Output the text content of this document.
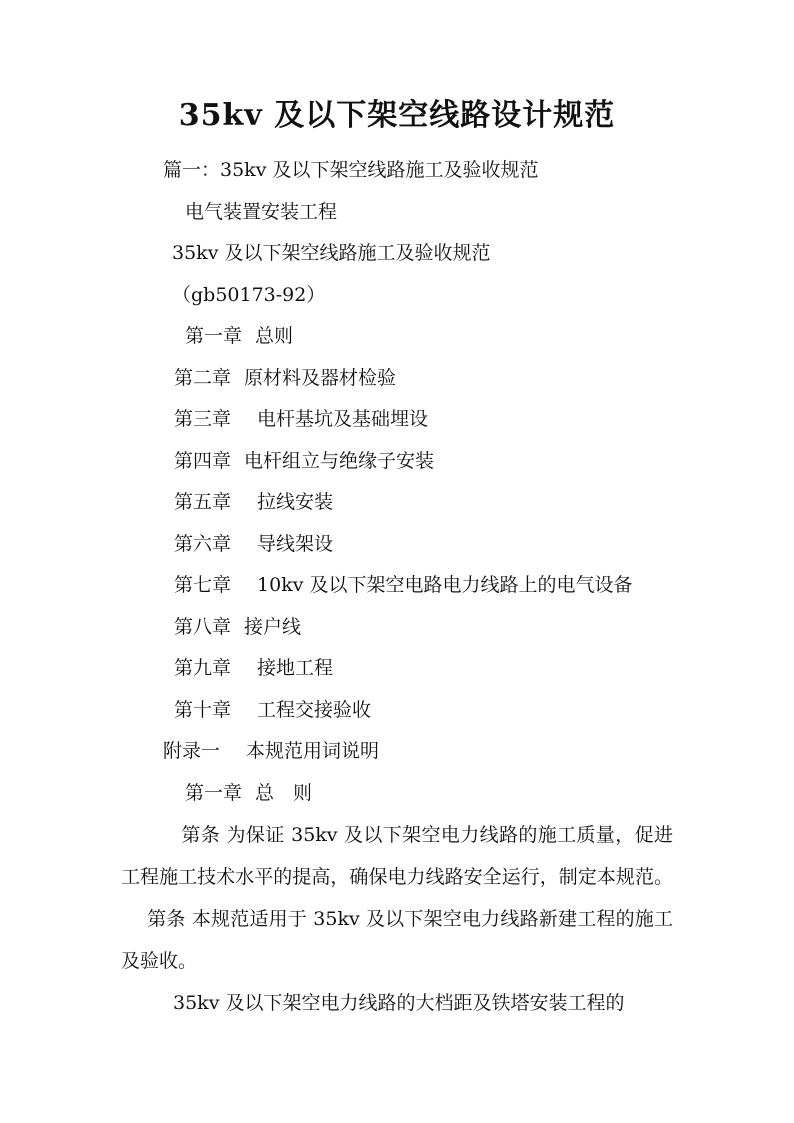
35kv 及以下架空线路设计规范
篇一：35kv 及以下架空线路施工及验收规范
电气装置安装工程
35kv 及以下架空线路施工及验收规范
（gb50173-92）
第一章 总则
第二章 原材料及器材检验
第三章 电杆基坑及基础埋设
第四章 电杆组立与绝缘子安装
第五章 拉线安装
第六章 导线架设
第七章 10kv 及以下架空电路电力线路上的电气设备
第八章 接户线
第九章 接地工程
第十章 工程交接验收
附录一 本规范用词说明
第一章 总　则
第条 为保证 35kv 及以下架空电力线路的施工质量，促进工程施工技术水平的提高，确保电力线路安全运行，制定本规范。第条 本规范适用于 35kv 及以下架空电力线路新建工程的施工及验收。
35kv 及以下架空电力线路的大档距及铁塔安装工程的
